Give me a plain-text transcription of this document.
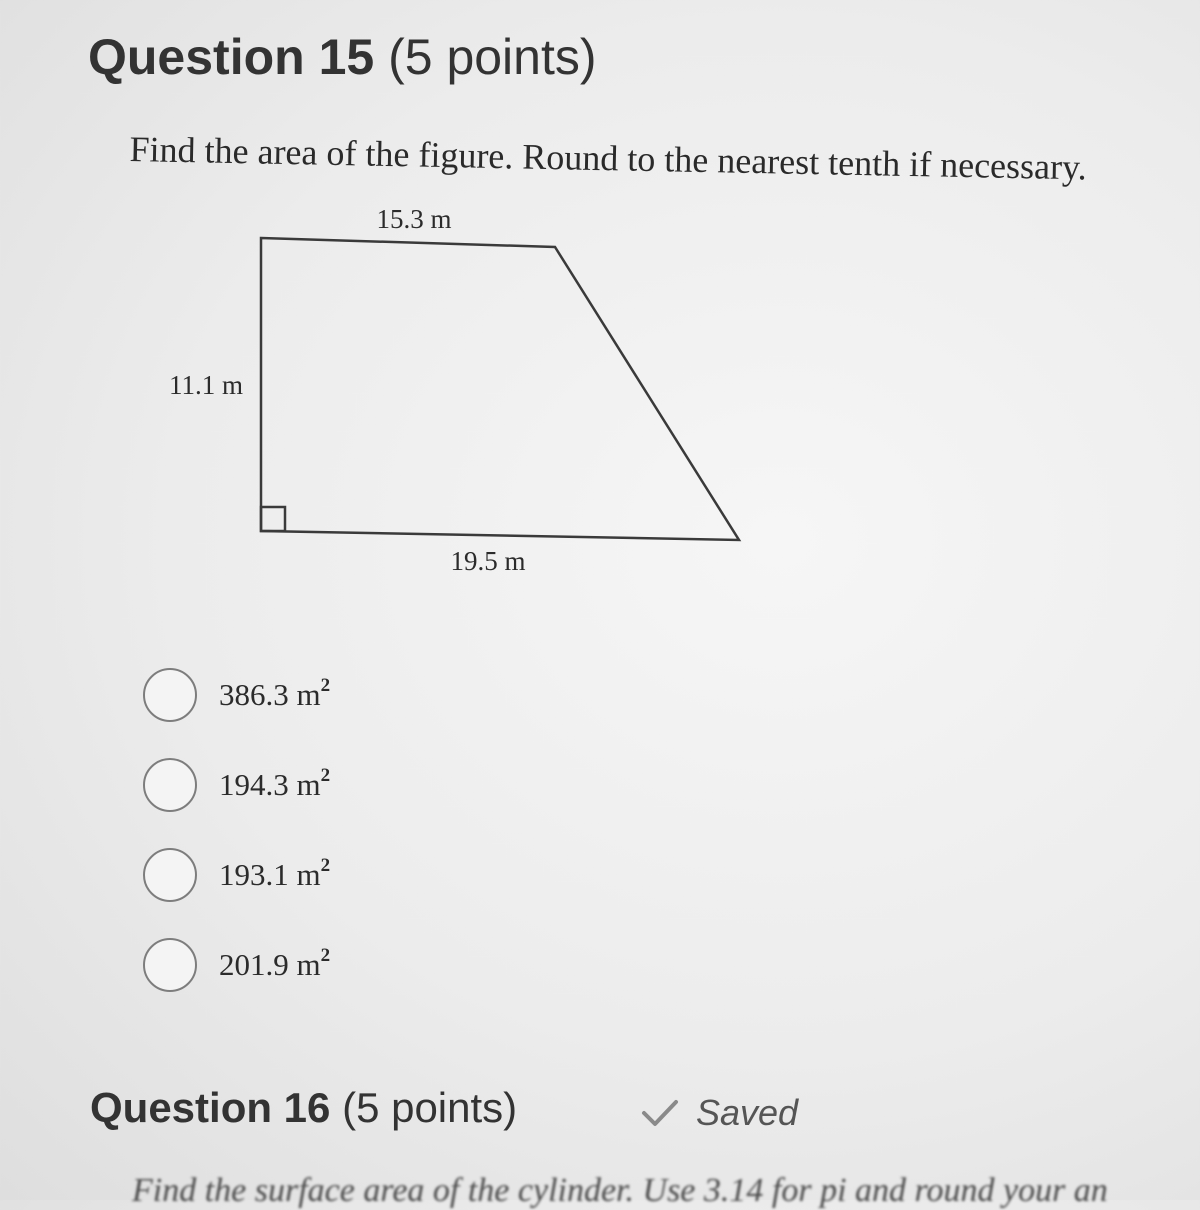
Question 15 (5 points)
Find the area of the figure. Round to the nearest tenth if necessary.
15.3 m
11.1 m
19.5 m
386.3 $m^2$
194.3 $m^2$
193.1 $m^2$
201.9 $m^2$
Question 16 (5 points)	Saved
Find the surface area of the cylinder. Use 3.14 for pi and round your an
